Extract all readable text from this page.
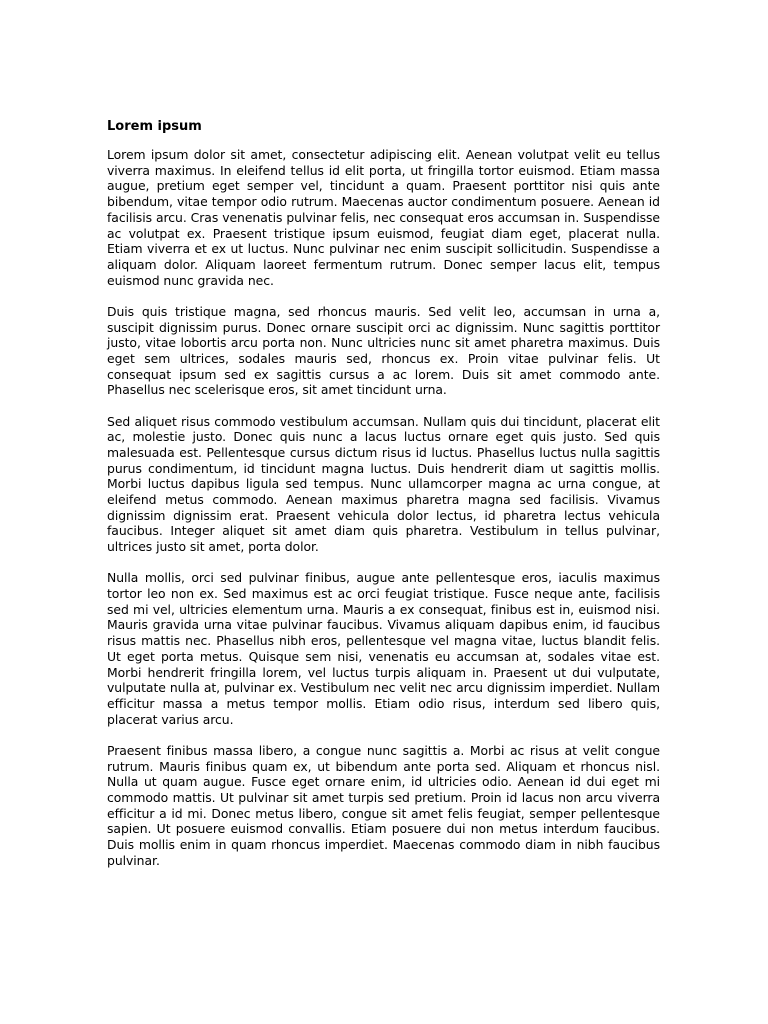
Lorem ipsum

Lorem ipsum dolor sit amet, consectetur adipiscing elit. Aenean volutpat velit eu tellus viverra maximus. In eleifend tellus id elit porta, ut fringilla tortor euismod. Etiam massa augue, pretium eget semper vel, tincidunt a quam. Praesent porttitor nisi quis ante bibendum, vitae tempor odio rutrum. Maecenas auctor condimentum posuere. Aenean id facilisis arcu. Cras venenatis pulvinar felis, nec consequat eros accumsan in. Suspendisse ac volutpat ex. Praesent tristique ipsum euismod, feugiat diam eget, placerat nulla. Etiam viverra et ex ut luctus. Nunc pulvinar nec enim suscipit sollicitudin. Suspendisse a aliquam dolor. Aliquam laoreet fermentum rutrum. Donec semper lacus elit, tempus euismod nunc gravida nec.

Duis quis tristique magna, sed rhoncus mauris. Sed velit leo, accumsan in urna a, suscipit dignissim purus. Donec ornare suscipit orci ac dignissim. Nunc sagittis porttitor justo, vitae lobortis arcu porta non. Nunc ultricies nunc sit amet pharetra maximus. Duis eget sem ultrices, sodales mauris sed, rhoncus ex. Proin vitae pulvinar felis. Ut consequat ipsum sed ex sagittis cursus a ac lorem. Duis sit amet commodo ante. Phasellus nec scelerisque eros, sit amet tincidunt urna.

Sed aliquet risus commodo vestibulum accumsan. Nullam quis dui tincidunt, placerat elit ac, molestie justo. Donec quis nunc a lacus luctus ornare eget quis justo. Sed quis malesuada est. Pellentesque cursus dictum risus id luctus. Phasellus luctus nulla sagittis purus condimentum, id tincidunt magna luctus. Duis hendrerit diam ut sagittis mollis. Morbi luctus dapibus ligula sed tempus. Nunc ullamcorper magna ac urna congue, at eleifend metus commodo. Aenean maximus pharetra magna sed facilisis. Vivamus dignissim dignissim erat. Praesent vehicula dolor lectus, id pharetra lectus vehicula faucibus. Integer aliquet sit amet diam quis pharetra. Vestibulum in tellus pulvinar, ultrices justo sit amet, porta dolor.

Nulla mollis, orci sed pulvinar finibus, augue ante pellentesque eros, iaculis maximus tortor leo non ex. Sed maximus est ac orci feugiat tristique. Fusce neque ante, facilisis sed mi vel, ultricies elementum urna. Mauris a ex consequat, finibus est in, euismod nisi. Mauris gravida urna vitae pulvinar faucibus. Vivamus aliquam dapibus enim, id faucibus risus mattis nec. Phasellus nibh eros, pellentesque vel magna vitae, luctus blandit felis. Ut eget porta metus. Quisque sem nisi, venenatis eu accumsan at, sodales vitae est. Morbi hendrerit fringilla lorem, vel luctus turpis aliquam in. Praesent ut dui vulputate, vulputate nulla at, pulvinar ex. Vestibulum nec velit nec arcu dignissim imperdiet. Nullam efficitur massa a metus tempor mollis. Etiam odio risus, interdum sed libero quis, placerat varius arcu.

Praesent finibus massa libero, a congue nunc sagittis a. Morbi ac risus at velit congue rutrum. Mauris finibus quam ex, ut bibendum ante porta sed. Aliquam et rhoncus nisl. Nulla ut quam augue. Fusce eget ornare enim, id ultricies odio. Aenean id dui eget mi commodo mattis. Ut pulvinar sit amet turpis sed pretium. Proin id lacus non arcu viverra efficitur a id mi. Donec metus libero, congue sit amet felis feugiat, semper pellentesque sapien. Ut posuere euismod convallis. Etiam posuere dui non metus interdum faucibus. Duis mollis enim in quam rhoncus imperdiet. Maecenas commodo diam in nibh faucibus pulvinar.
